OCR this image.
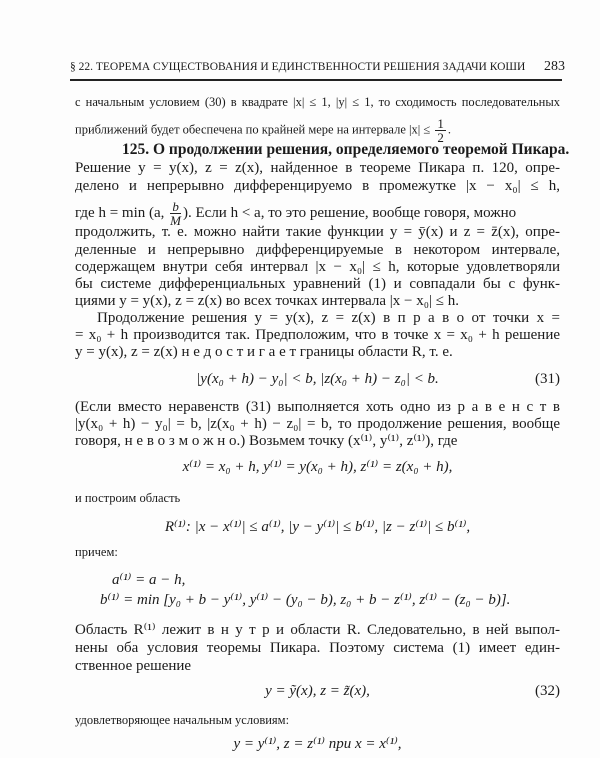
§ 22. ТЕОРЕМА СУЩЕСТВОВАНИЯ И ЕДИНСТВЕННОСТИ РЕШЕНИЯ ЗАДАЧИ КОШИ 283
с начальным условием (30) в квадрате |x| ≤ 1, |y| ≤ 1, то сходимость последовательных
приближений будет обеспечена по крайней мере на интервале $|x| \le \frac{1}{2}$ .
125. О продолжении решения, определяемого теоремой Пикара.
Решение y = y(x), z = z(x), найденное в теореме Пикара п. 120, опре-
делено и непрерывно дифференцируемо в промежутке |x − x₀| ≤ h,
где h = min (a, $\frac{b}{M}$ ). Если h < a, то это решение, вообще говоря, можно
продолжить, т. е. можно найти такие функции y = ȳ(x) и z = z̄(x), опре-
деленные и непрерывно дифференцируемые в некотором интервале,
содержащем внутри себя интервал |x − x₀| ≤ h, которые удовлетворяли
бы системе дифференциальных уравнений (1) и совпадали бы с функ-
циями y = y(x), z = z(x) во всех точках интервала |x − x₀| ≤ h.
Продолжение решения y = y(x), z = z(x) в п р а в о от точки x =
= x₀ + h производится так. Предположим, что в точке x = x₀ + h решение
y = y(x), z = z(x) н е д о с т и г а е т границы области R, т. е.
|y(x₀ + h) − y₀| < b, |z(x₀ + h) − z₀| < b.	(31)
(Если вместо неравенств (31) выполняется хоть одно из р а в е н с т в
|y(x₀ + h) − y₀| = b, |z(x₀ + h) − z₀| = b, то продолжение решения, вообще
говоря, н е в о з м о ж н о.) Возьмем точку (x⁽¹⁾, y⁽¹⁾, z⁽¹⁾), где
x⁽¹⁾ = x₀ + h, y⁽¹⁾ = y(x₀ + h), z⁽¹⁾ = z(x₀ + h),
и построим область
R⁽¹⁾: |x − x⁽¹⁾| ≤ a⁽¹⁾, |y − y⁽¹⁾| ≤ b⁽¹⁾, |z − z⁽¹⁾| ≤ b⁽¹⁾,
причем:
a⁽¹⁾ = a − h,
b⁽¹⁾ = min [y₀ + b − y⁽¹⁾, y⁽¹⁾ − (y₀ − b), z₀ + b − z⁽¹⁾, z⁽¹⁾ − (z₀ − b)].
Область R⁽¹⁾ лежит в н у т р и области R. Следовательно, в ней выпол-
нены оба условия теоремы Пикара. Поэтому система (1) имеет един-
ственное решение
y = ỹ(x), z = z̃(x),	(32)
удовлетворяющее начальным условиям:
y = y⁽¹⁾, z = z⁽¹⁾ при x = x⁽¹⁾,
